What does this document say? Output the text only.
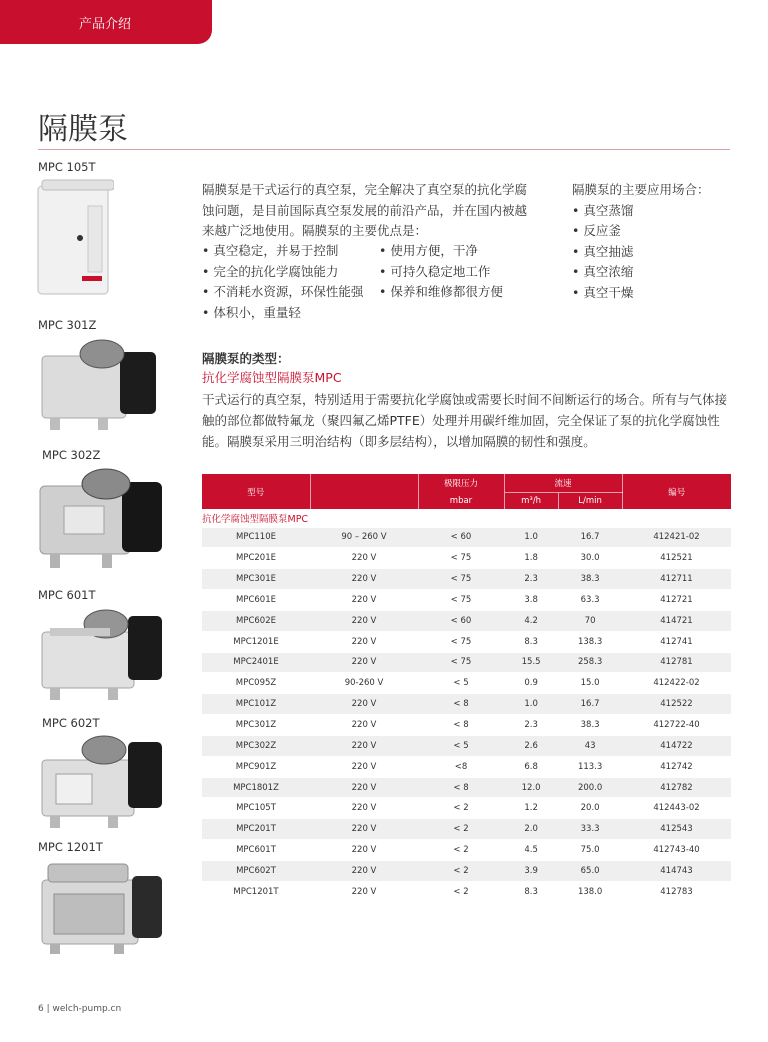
产品介绍
隔膜泵
MPC 105T
MPC 301Z
MPC 302Z
MPC 601T
MPC 602T
MPC 1201T
隔膜泵是干式运行的真空泵，完全解决了真空泵的抗化学腐
蚀问题，是目前国际真空泵发展的前沿产品，并在国内被越
来越广泛地使用。隔膜泵的主要优点是：
• 真空稳定，并易于控制
• 完全的抗化学腐蚀能力
• 不消耗水资源，环保性能强
• 体积小，重量轻
• 使用方便，干净
• 可持久稳定地工作
• 保养和维修都很方便
隔膜泵的主要应用场合：
• 真空蒸馏
• 反应釜
• 真空抽滤
• 真空浓缩
• 真空干燥
隔膜泵的类型：
抗化学腐蚀型隔膜泵MPC
干式运行的真空泵，特别适用于需要抗化学腐蚀或需要长时间不间断运行的场合。所有与气体接触的部位都做特氟龙（聚四氟乙烯PTFE）处理并用碳纤维加固，完全保证了泵的抗化学腐蚀性能。隔膜泵采用三明治结构（即多层结构），以增加隔膜的韧性和强度。
型号		极限压力	流速		编号
		mbar	m³/h	L/min	
抗化学腐蚀型隔膜泵MPC					
MPC110E	90 – 260 V	< 60	1.0	16.7	412421-02
MPC201E	220 V	< 75	1.8	30.0	412521
MPC301E	220 V	< 75	2.3	38.3	412711
MPC601E	220 V	< 75	3.8	63.3	412721
MPC602E	220 V	< 60	4.2	70	414721
MPC1201E	220 V	< 75	8.3	138.3	412741
MPC2401E	220 V	< 75	15.5	258.3	412781
MPC095Z	90-260 V	< 5	0.9	15.0	412422-02
MPC101Z	220 V	< 8	1.0	16.7	412522
MPC301Z	220 V	< 8	2.3	38.3	412722-40
MPC302Z	220 V	< 5	2.6	43	414722
MPC901Z	220 V	<8	6.8	113.3	412742
MPC1801Z	220 V	< 8	12.0	200.0	412782
MPC105T	220 V	< 2	1.2	20.0	412443-02
MPC201T	220 V	< 2	2.0	33.3	412543
MPC601T	220 V	< 2	4.5	75.0	412743-40
MPC602T	220 V	< 2	3.9	65.0	414743
MPC1201T	220 V	< 2	8.3	138.0	412783
6 | welch-pump.cn
